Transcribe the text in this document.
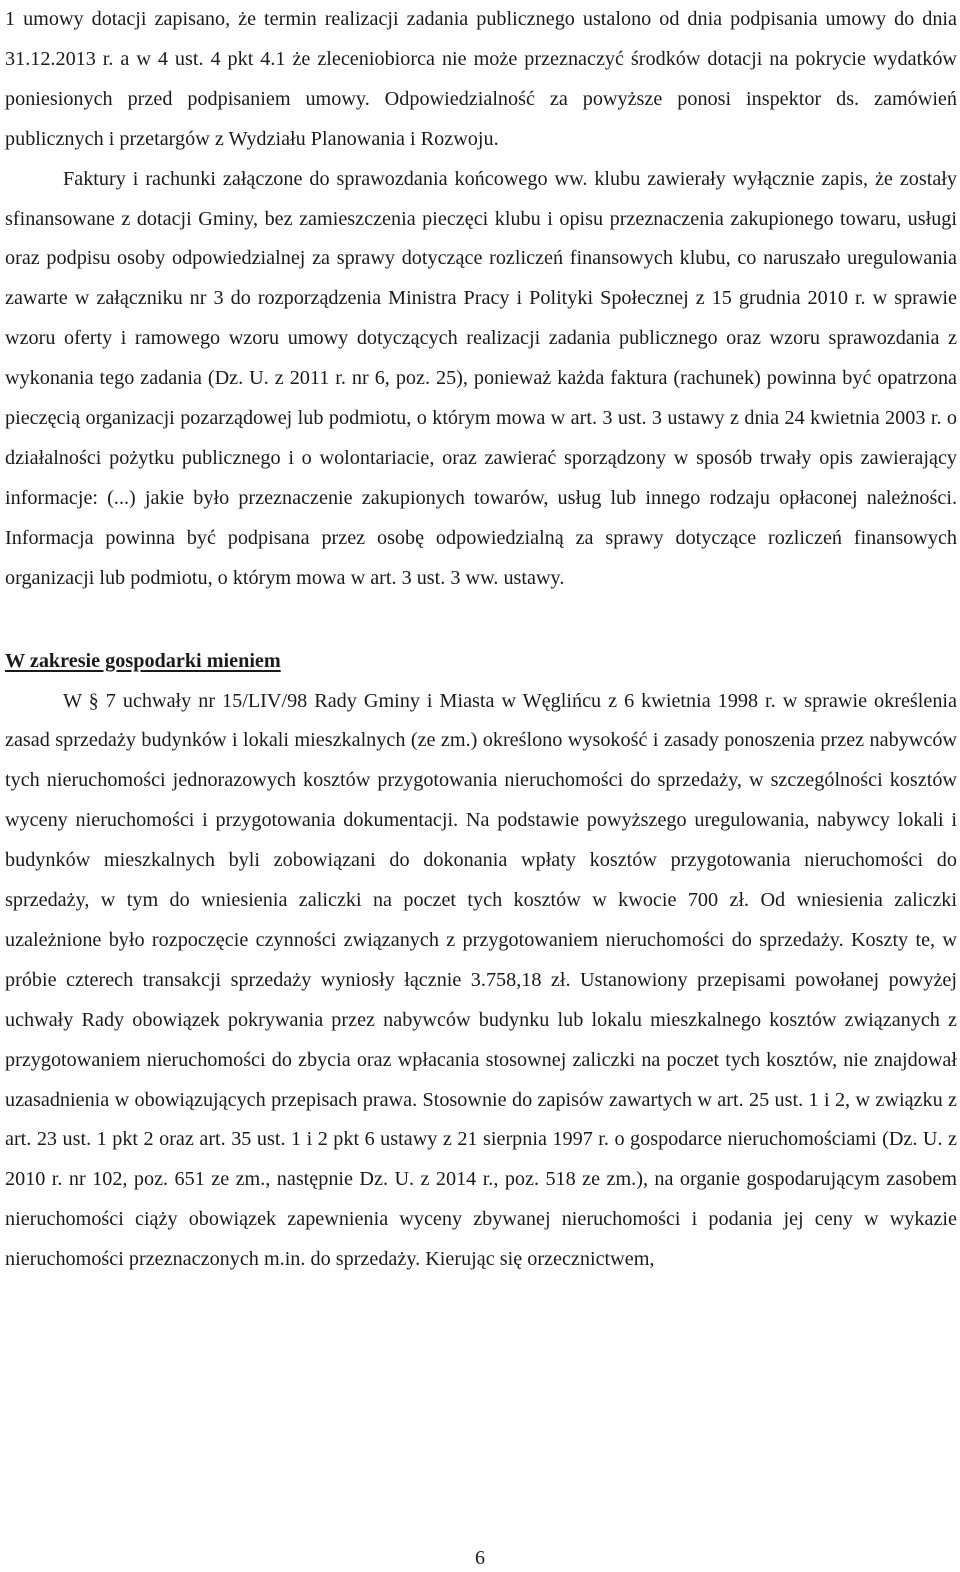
1 umowy dotacji zapisano, że termin realizacji zadania publicznego ustalono od dnia podpisania umowy do dnia 31.12.2013 r. a w 4 ust. 4 pkt 4.1 że zleceniobiorca nie może przeznaczyć środków dotacji na pokrycie wydatków poniesionych przed podpisaniem umowy. Odpowiedzialność za powyższe ponosi inspektor ds. zamówień publicznych i przetargów z Wydziału Planowania i Rozwoju.

Faktury i rachunki załączone do sprawozdania końcowego ww. klubu zawierały wyłącznie zapis, że zostały sfinansowane z dotacji Gminy, bez zamieszczenia pieczęci klubu i opisu przeznaczenia zakupionego towaru, usługi oraz podpisu osoby odpowiedzialnej za sprawy dotyczące rozliczeń finansowych klubu, co naruszało uregulowania zawarte w załączniku nr 3 do rozporządzenia Ministra Pracy i Polityki Społecznej z 15 grudnia 2010 r. w sprawie wzoru oferty i ramowego wzoru umowy dotyczących realizacji zadania publicznego oraz wzoru sprawozdania z wykonania tego zadania (Dz. U. z 2011 r. nr 6, poz. 25), ponieważ każda faktura (rachunek) powinna być opatrzona pieczęcią organizacji pozarządowej lub podmiotu, o którym mowa w art. 3 ust. 3 ustawy z dnia 24 kwietnia 2003 r. o działalności pożytku publicznego i o wolontariacie, oraz zawierać sporządzony w sposób trwały opis zawierający informacje: (...) jakie było przeznaczenie zakupionych towarów, usług lub innego rodzaju opłaconej należności. Informacja powinna być podpisana przez osobę odpowiedzialną za sprawy dotyczące rozliczeń finansowych organizacji lub podmiotu, o którym mowa w art. 3 ust. 3 ww. ustawy.

W zakresie gospodarki mieniem

W § 7 uchwały nr 15/LIV/98 Rady Gminy i Miasta w Węglińcu z 6 kwietnia 1998 r. w sprawie określenia zasad sprzedaży budynków i lokali mieszkalnych (ze zm.) określono wysokość i zasady ponoszenia przez nabywców tych nieruchomości jednorazowych kosztów przygotowania nieruchomości do sprzedaży, w szczególności kosztów wyceny nieruchomości i przygotowania dokumentacji. Na podstawie powyższego uregulowania, nabywcy lokali i budynków mieszkalnych byli zobowiązani do dokonania wpłaty kosztów przygotowania nieruchomości do sprzedaży, w tym do wniesienia zaliczki na poczet tych kosztów w kwocie 700 zł. Od wniesienia zaliczki uzależnione było rozpoczęcie czynności związanych z przygotowaniem nieruchomości do sprzedaży. Koszty te, w próbie czterech transakcji sprzedaży wyniosły łącznie 3.758,18 zł. Ustanowiony przepisami powołanej powyżej uchwały Rady obowiązek pokrywania przez nabywców budynku lub lokalu mieszkalnego kosztów związanych z przygotowaniem nieruchomości do zbycia oraz wpłacania stosownej zaliczki na poczet tych kosztów, nie znajdował uzasadnienia w obowiązujących przepisach prawa. Stosownie do zapisów zawartych w art. 25 ust. 1 i 2, w związku z art. 23 ust. 1 pkt 2 oraz art. 35 ust. 1 i 2 pkt 6 ustawy z 21 sierpnia 1997 r. o gospodarce nieruchomościami (Dz. U. z 2010 r. nr 102, poz. 651 ze zm., następnie Dz. U. z 2014 r., poz. 518 ze zm.), na organie gospodarującym zasobem nieruchomości ciąży obowiązek zapewnienia wyceny zbywanej nieruchomości i podania jej ceny w wykazie nieruchomości przeznaczonych m.in. do sprzedaży. Kierując się orzecznictwem,

6
